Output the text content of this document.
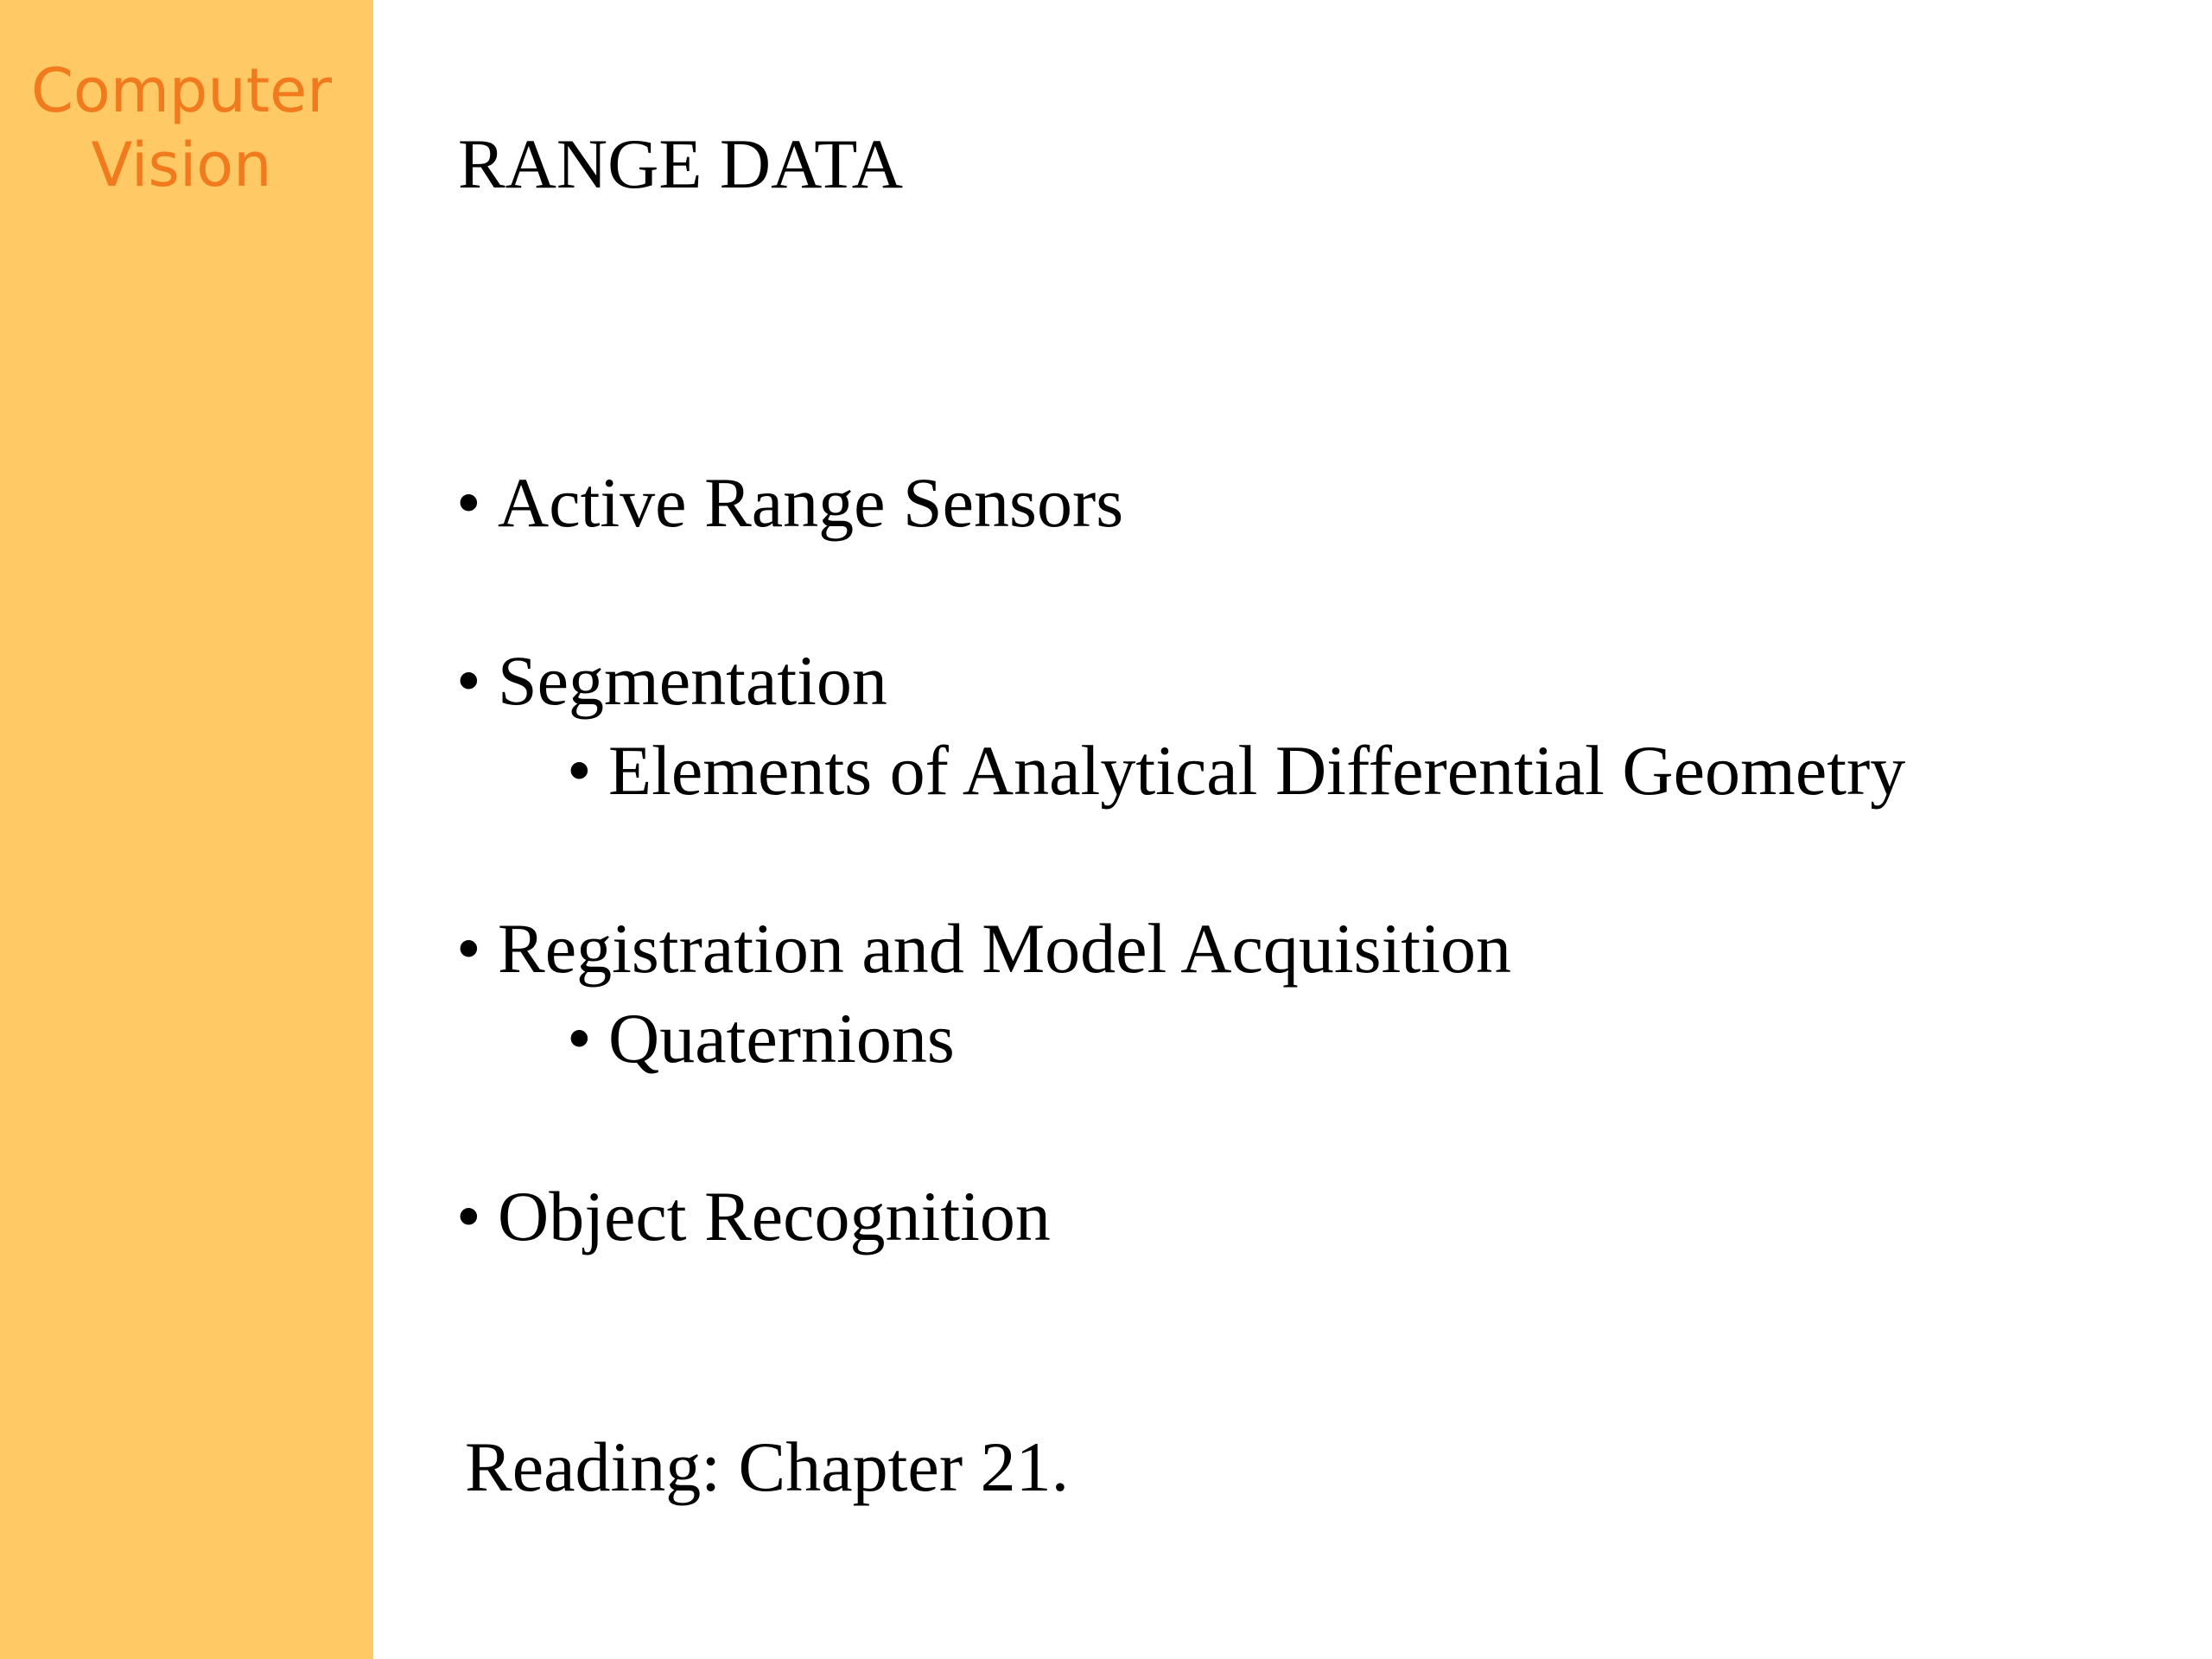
Computer
Vision	RANGE DATA
• Active Range Sensors
• Segmentation
• Elements of Analytical Differential Geometry
• Registration and Model Acquisition
• Quaternions
• Object Recognition
Reading: Chapter 21.
